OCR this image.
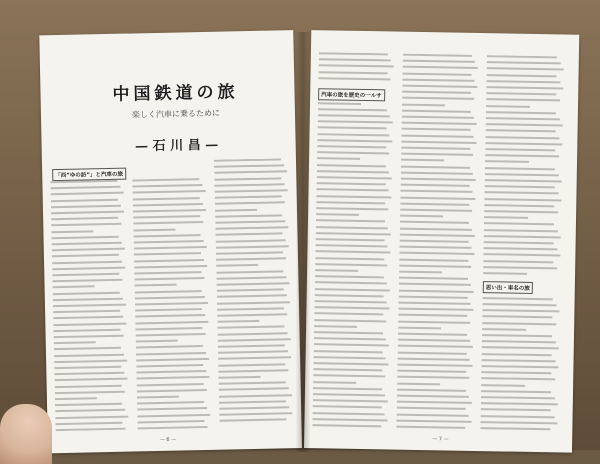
中国鉄道の旅
楽しく汽車に乗るために
— 石 川 昌 —
「西”ゆの訪”」と汽車の旅
— 6 —
汽車の旅を歴史の一ルサ
思い出・車名の旅
— 7 —
